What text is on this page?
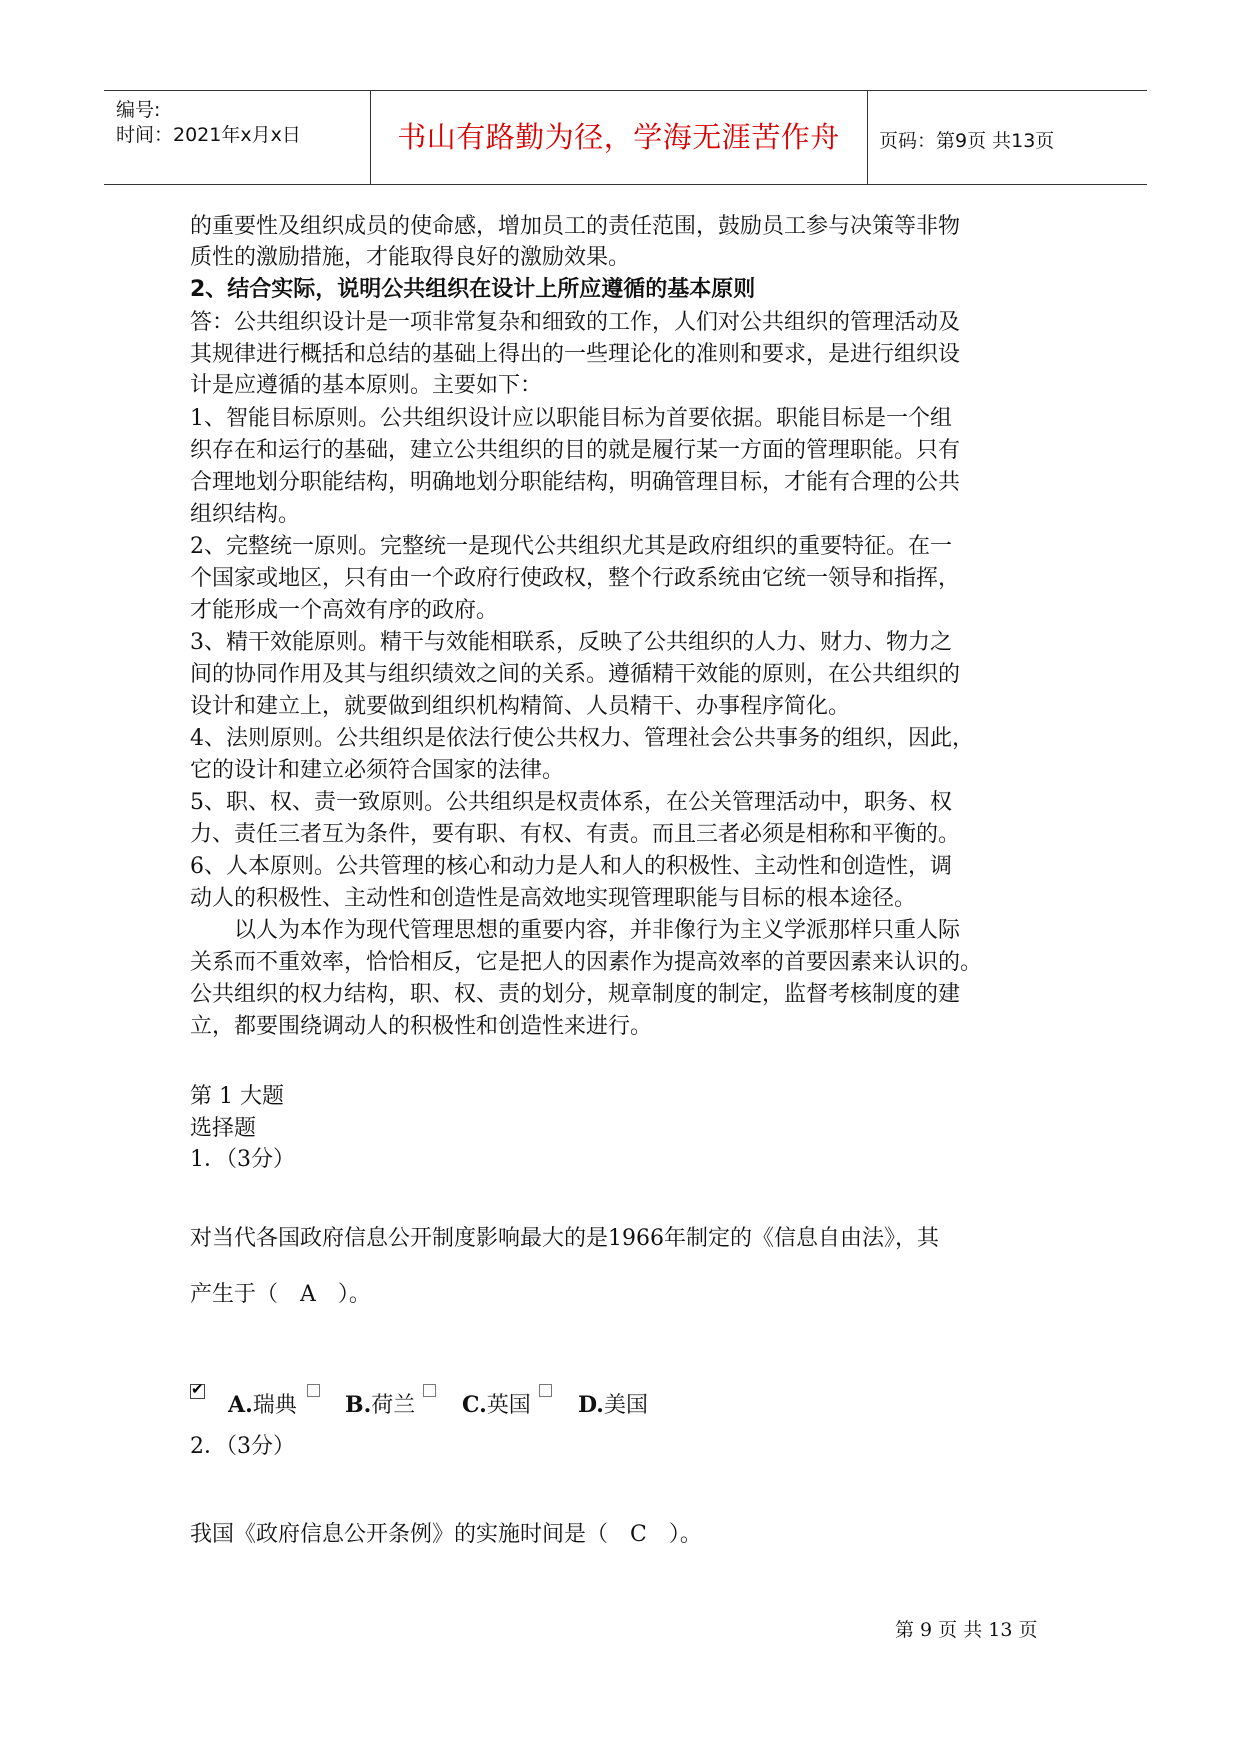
编号:
时间：2021年x月x日	书山有路勤为径，学海无涯苦作舟	页码：第9页 共13页
的重要性及组织成员的使命感，增加员工的责任范围，鼓励员工参与决策等非物
质性的激励措施，才能取得良好的激励效果。
2、结合实际，说明公共组织在设计上所应遵循的基本原则
答：公共组织设计是一项非常复杂和细致的工作，人们对公共组织的管理活动及
其规律进行概括和总结的基础上得出的一些理论化的准则和要求，是进行组织设
计是应遵循的基本原则。主要如下：
1、智能目标原则。公共组织设计应以职能目标为首要依据。职能目标是一个组
织存在和运行的基础，建立公共组织的目的就是履行某一方面的管理职能。只有
合理地划分职能结构，明确地划分职能结构，明确管理目标，才能有合理的公共
组织结构。
2、完整统一原则。完整统一是现代公共组织尤其是政府组织的重要特征。在一
个国家或地区，只有由一个政府行使政权，整个行政系统由它统一领导和指挥，
才能形成一个高效有序的政府。
3、精干效能原则。精干与效能相联系，反映了公共组织的人力、财力、物力之
间的协同作用及其与组织绩效之间的关系。遵循精干效能的原则，在公共组织的
设计和建立上，就要做到组织机构精简、人员精干、办事程序简化。
4、法则原则。公共组织是依法行使公共权力、管理社会公共事务的组织，因此，
它的设计和建立必须符合国家的法律。
5、职、权、责一致原则。公共组织是权责体系，在公关管理活动中，职务、权
力、责任三者互为条件，要有职、有权、有责。而且三者必须是相称和平衡的。
6、人本原则。公共管理的核心和动力是人和人的积极性、主动性和创造性，调
动人的积极性、主动性和创造性是高效地实现管理职能与目标的根本途径。
以人为本作为现代管理思想的重要内容，并非像行为主义学派那样只重人际
关系而不重效率，恰恰相反，它是把人的因素作为提高效率的首要因素来认识的。
公共组织的权力结构，职、权、责的划分，规章制度的制定，监督考核制度的建
立，都要围绕调动人的积极性和创造性来进行。
第 1 大题
选择题
1．（3分）
对当代各国政府信息公开制度影响最大的是1966年制定的《信息自由法》，其
产生于（　A　）。
✔
A.瑞典 B.荷兰 C.英国 D.美国
2．（3分）
我国《政府信息公开条例》的实施时间是（　C　）。
第 9 页 共 13 页
